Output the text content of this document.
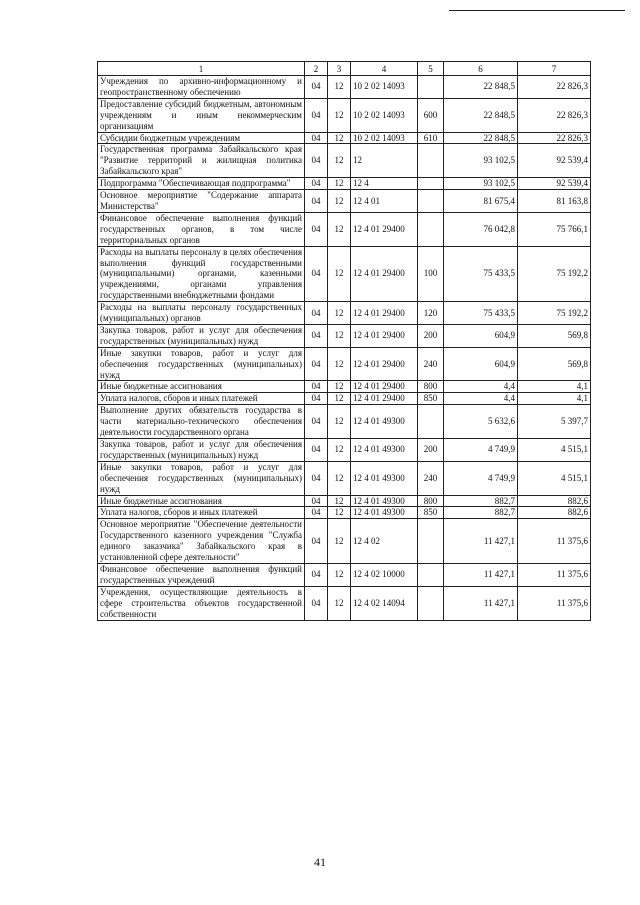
1	2	3	4	5	6	7
Учреждения по архивно-информационному и геопространственному обеспечению	04	12	10 2 02 14093		22 848,5	22 826,3
Предоставление субсидий бюджетным, автономным учреждениям и иным некоммерческим организациям	04	12	10 2 02 14093	600	22 848,5	22 826,3
Субсидии бюджетным учреждениям	04	12	10 2 02 14093	610	22 848,5	22 826,3
Государственная программа Забайкальского края "Развитие территорий и жилищная политика Забайкальского края"	04	12	12		93 102,5	92 539,4
Подпрограмма "Обеспечивающая подпрограмма"	04	12	12 4		93 102,5	92 539,4
Основное мероприятие "Содержание аппарата Министерства"	04	12	12 4 01		81 675,4	81 163,8
Финансовое обеспечение выполнения функций государственных органов, в том числе территориальных органов	04	12	12 4 01 29400		76 042,8	75 766,1
Расходы на выплаты персоналу в целях обеспечения выполнения функций государственными (муниципальными) органами, казенными учреждениями, органами управления государственными внебюджетными фондами	04	12	12 4 01 29400	100	75 433,5	75 192,2
Расходы на выплаты персоналу государственных (муниципальных) органов	04	12	12 4 01 29400	120	75 433,5	75 192,2
Закупка товаров, работ и услуг для обеспечения государственных (муниципальных) нужд	04	12	12 4 01 29400	200	604,9	569,8
Иные закупки товаров, работ и услуг для обеспечения государственных (муниципальных) нужд	04	12	12 4 01 29400	240	604,9	569,8
Иные бюджетные ассигнования	04	12	12 4 01 29400	800	4,4	4,1
Уплата налогов, сборов и иных платежей	04	12	12 4 01 29400	850	4,4	4,1
Выполнение других обязательств государства в части материально-технического обеспечения деятельности государственного органа	04	12	12 4 01 49300		5 632,6	5 397,7
Закупка товаров, работ и услуг для обеспечения государственных (муниципальных) нужд	04	12	12 4 01 49300	200	4 749,9	4 515,1
Иные закупки товаров, работ и услуг для обеспечения государственных (муниципальных) нужд	04	12	12 4 01 49300	240	4 749,9	4 515,1
Иные бюджетные ассигнования	04	12	12 4 01 49300	800	882,7	882,6
Уплата налогов, сборов и иных платежей	04	12	12 4 01 49300	850	882,7	882,6
Основное мероприятие "Обеспечение деятельности Государственного казенного учреждения "Служба единого заказчика" Забайкальского края в установленной сфере деятельности"	04	12	12 4 02		11 427,1	11 375,6
Финансовое обеспечение выполнения функций государственных учреждений	04	12	12 4 02 10000		11 427,1	11 375,6
Учреждения, осуществляющие деятельность в сфере строительства объектов государственной собственности	04	12	12 4 02 14094		11 427,1	11 375,6
41
